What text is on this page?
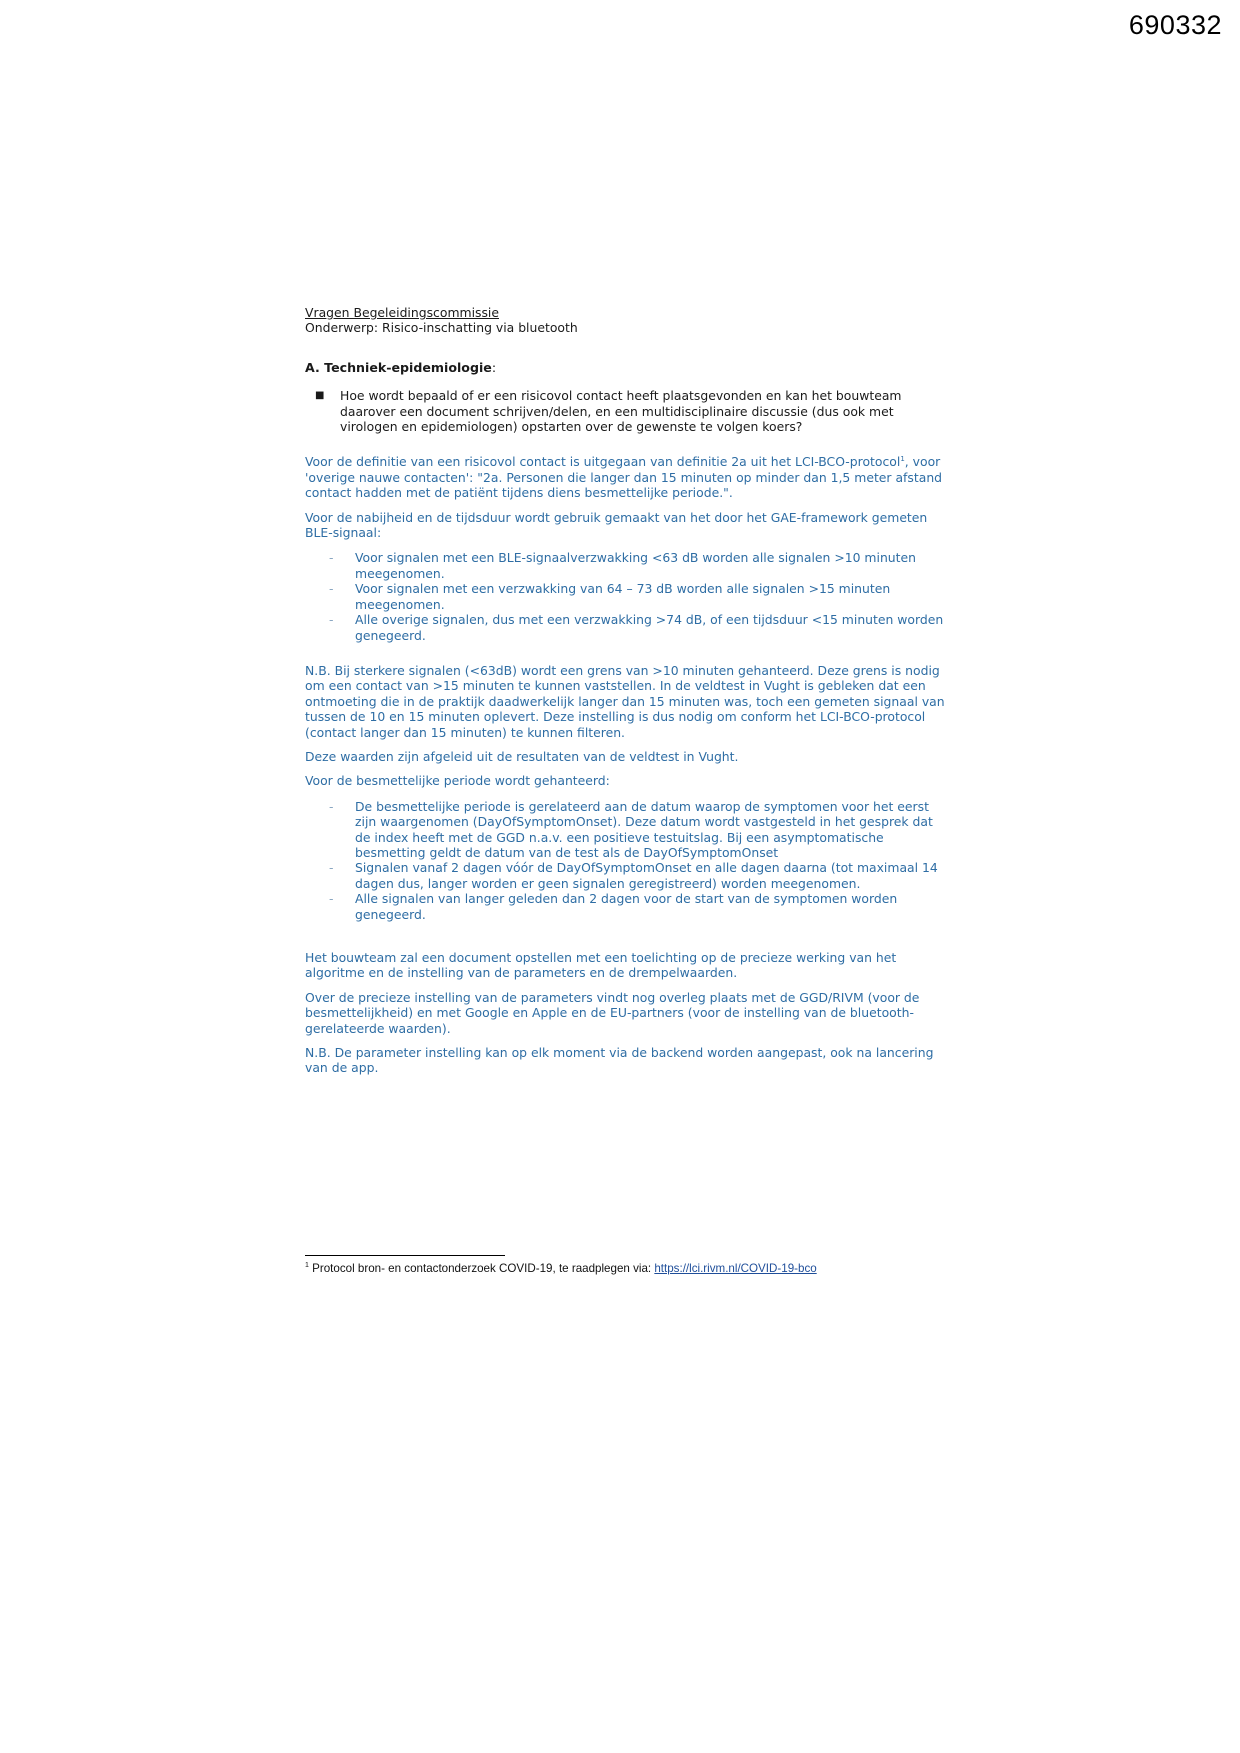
690332
Vragen Begeleidingscommissie
Onderwerp: Risico-inschatting via bluetooth
A. Techniek-epidemiologie:
■ Hoe wordt bepaald of er een risicovol contact heeft plaatsgevonden en kan het bouwteam daarover een document schrijven/delen, en een multidisciplinaire discussie (dus ook met virologen en epidemiologen) opstarten over de gewenste te volgen koers?

Voor de definitie van een risicovol contact is uitgegaan van definitie 2a uit het LCI-BCO-protocol$^1$, voor 'overige nauwe contacten': "2a. Personen die langer dan 15 minuten op minder dan 1,5 meter afstand contact hadden met de patiënt tijdens diens besmettelijke periode.".

Voor de nabijheid en de tijdsduur wordt gebruik gemaakt van het door het GAE-framework gemeten BLE-signaal:

- Voor signalen met een BLE-signaalverzwakking <63 dB worden alle signalen >10 minuten meegenomen.
- Voor signalen met een verzwakking van 64 – 73 dB worden alle signalen >15 minuten meegenomen.
- Alle overige signalen, dus met een verzwakking >74 dB, of een tijdsduur <15 minuten worden genegeerd.

N.B. Bij sterkere signalen (<63dB) wordt een grens van >10 minuten gehanteerd. Deze grens is nodig om een contact van >15 minuten te kunnen vaststellen. In de veldtest in Vught is gebleken dat een ontmoeting die in de praktijk daadwerkelijk langer dan 15 minuten was, toch een gemeten signaal van tussen de 10 en 15 minuten oplevert. Deze instelling is dus nodig om conform het LCI-BCO-protocol (contact langer dan 15 minuten) te kunnen filteren.

Deze waarden zijn afgeleid uit de resultaten van de veldtest in Vught.

Voor de besmettelijke periode wordt gehanteerd:

- De besmettelijke periode is gerelateerd aan de datum waarop de symptomen voor het eerst zijn waargenomen (DayOfSymptomOnset). Deze datum wordt vastgesteld in het gesprek dat de index heeft met de GGD n.a.v. een positieve testuitslag. Bij een asymptomatische besmetting geldt de datum van de test als de DayOfSymptomOnset
- Signalen vanaf 2 dagen vóór de DayOfSymptomOnset en alle dagen daarna (tot maximaal 14 dagen dus, langer worden er geen signalen geregistreerd) worden meegenomen.
- Alle signalen van langer geleden dan 2 dagen voor de start van de symptomen worden genegeerd.

Het bouwteam zal een document opstellen met een toelichting op de precieze werking van het algoritme en de instelling van de parameters en de drempelwaarden.

Over de precieze instelling van de parameters vindt nog overleg plaats met de GGD/RIVM (voor de besmettelijkheid) en met Google en Apple en de EU-partners (voor de instelling van de bluetooth-gerelateerde waarden).

N.B. De parameter instelling kan op elk moment via de backend worden aangepast, ook na lancering van de app.

$^1$ Protocol bron- en contactonderzoek COVID-19, te raadplegen via: https://lci.rivm.nl/COVID-19-bco
